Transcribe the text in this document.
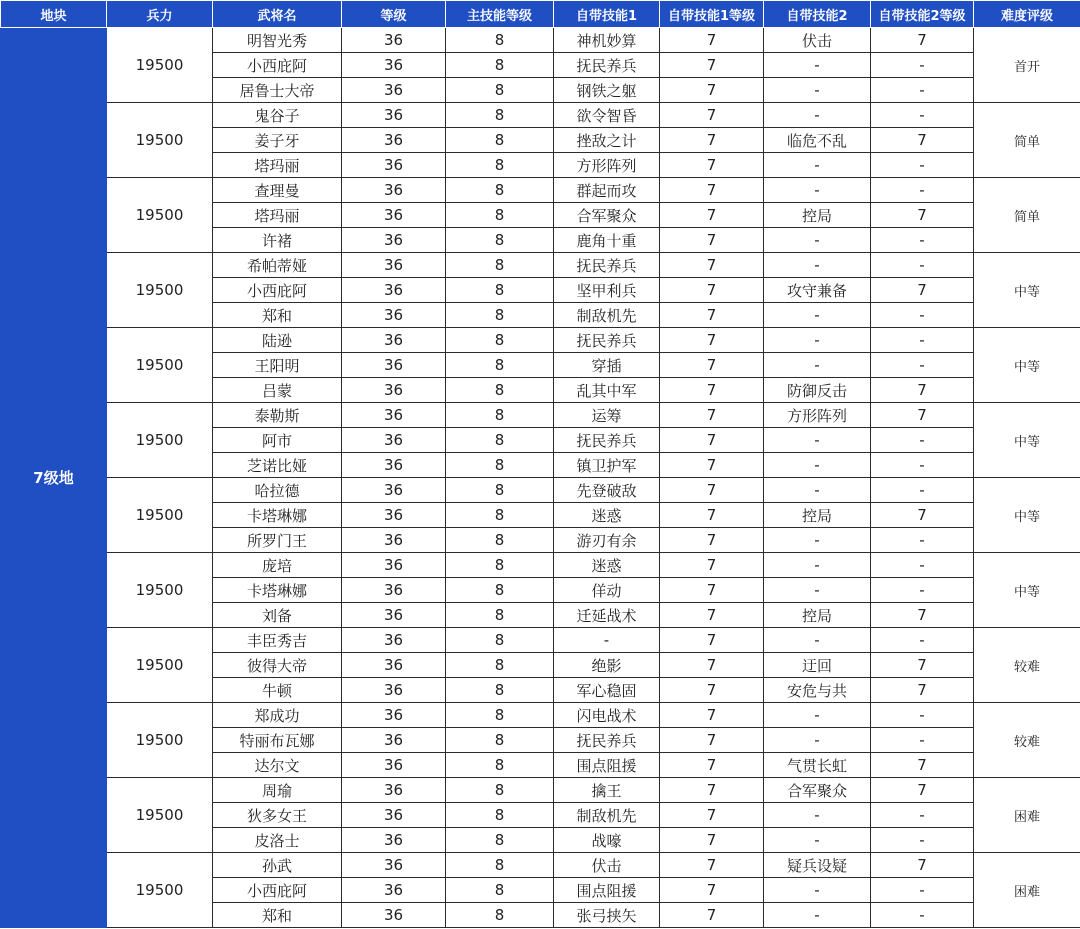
地块	兵力	武将名	等级	主技能等级	自带技能1	自带技能1等级	自带技能2	自带技能2等级	难度评级
7级地	19500	明智光秀	36	8	神机妙算	7	伏击	7	首开
		小西庇阿	36	8	抚民养兵	7	-	-	
		居鲁士大帝	36	8	钢铁之躯	7	-	-	
	19500	鬼谷子	36	8	欲令智昏	7	-	-	简单
		姜子牙	36	8	挫敌之计	7	临危不乱	7	
		塔玛丽	36	8	方形阵列	7	-	-	
	19500	查理曼	36	8	群起而攻	7	-	-	简单
		塔玛丽	36	8	合军聚众	7	控局	7	
		许褚	36	8	鹿角十重	7	-	-	
	19500	希帕蒂娅	36	8	抚民养兵	7	-	-	中等
		小西庇阿	36	8	坚甲利兵	7	攻守兼备	7	
		郑和	36	8	制敌机先	7	-	-	
	19500	陆逊	36	8	抚民养兵	7	-	-	中等
		王阳明	36	8	穿插	7	-	-	
		吕蒙	36	8	乱其中军	7	防御反击	7	
	19500	泰勒斯	36	8	运筹	7	方形阵列	7	中等
		阿市	36	8	抚民养兵	7	-	-	
		芝诺比娅	36	8	镇卫护军	7	-	-	
	19500	哈拉德	36	8	先登破敌	7	-	-	中等
		卡塔琳娜	36	8	迷惑	7	控局	7	
		所罗门王	36	8	游刃有余	7	-	-	
	19500	庞培	36	8	迷惑	7	-	-	中等
		卡塔琳娜	36	8	佯动	7	-	-	
		刘备	36	8	迁延战术	7	控局	7	
	19500	丰臣秀吉	36	8	-	7	-	-	较难
		彼得大帝	36	8	绝影	7	迂回	7	
		牛顿	36	8	军心稳固	7	安危与共	7	
	19500	郑成功	36	8	闪电战术	7	-	-	较难
		特丽布瓦娜	36	8	抚民养兵	7	-	-	
		达尔文	36	8	围点阻援	7	气贯长虹	7	
	19500	周瑜	36	8	擒王	7	合军聚众	7	困难
		狄多女王	36	8	制敌机先	7	-	-	
		皮洛士	36	8	战嚎	7	-	-	
	19500	孙武	36	8	伏击	7	疑兵设疑	7	困难
		小西庇阿	36	8	围点阻援	7	-	-	
		郑和	36	8	张弓挟矢	7	-	-	
